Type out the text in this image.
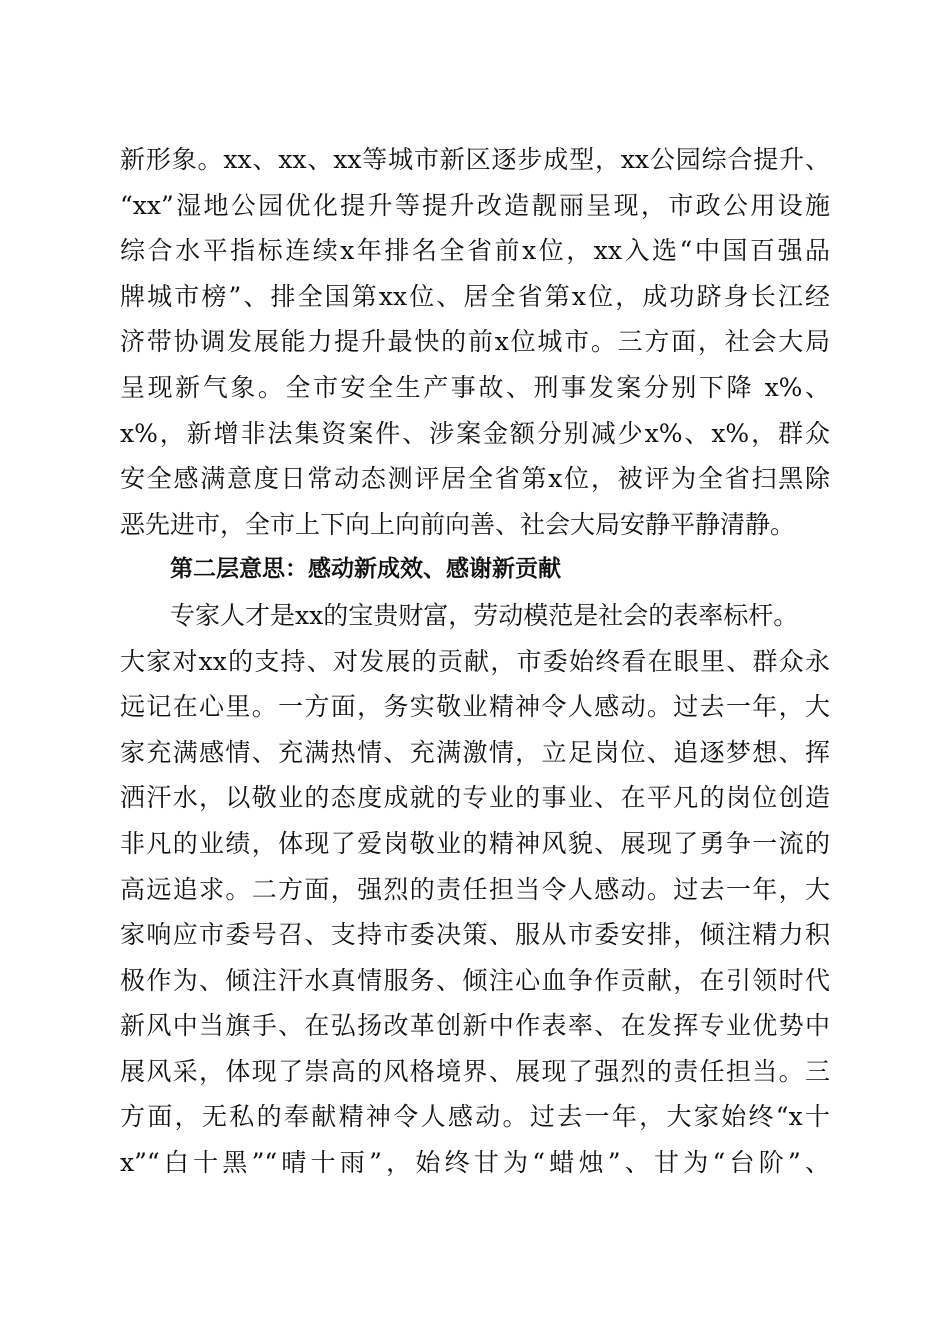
新形象。xx、xx、xx等城市新区逐步成型，xx公园综合提升、
“xx”湿地公园优化提升等提升改造靓丽呈现，市政公用设施
综合水平指标连续x年排名全省前x位，xx入选“中国百强品
牌城市榜”、排全国第xx位、居全省第x位，成功跻身长江经
济带协调发展能力提升最快的前x位城市。三方面，社会大局
呈现新气象。全市安全生产事故、刑事发案分别下降 x%、
x%，新增非法集资案件、涉案金额分别减少x%、x%，群众
安全感满意度日常动态测评居全省第x位，被评为全省扫黑除
恶先进市，全市上下向上向前向善、社会大局安静平静清静。
第二层意思：感动新成效、感谢新贡献
专家人才是xx的宝贵财富，劳动模范是社会的表率标杆。
大家对xx的支持、对发展的贡献，市委始终看在眼里、群众永
远记在心里。一方面，务实敬业精神令人感动。过去一年，大
家充满感情、充满热情、充满激情，立足岗位、追逐梦想、挥
洒汗水，以敬业的态度成就的专业的事业、在平凡的岗位创造
非凡的业绩，体现了爱岗敬业的精神风貌、展现了勇争一流的
高远追求。二方面，强烈的责任担当令人感动。过去一年，大
家响应市委号召、支持市委决策、服从市委安排，倾注精力积
极作为、倾注汗水真情服务、倾注心血争作贡献，在引领时代
新风中当旗手、在弘扬改革创新中作表率、在发挥专业优势中
展风采，体现了崇高的风格境界、展现了强烈的责任担当。三
方面，无私的奉献精神令人感动。过去一年，大家始终“x十
x”“白十黑”“晴十雨”，始终甘为“蜡烛”、甘为“台阶”、
